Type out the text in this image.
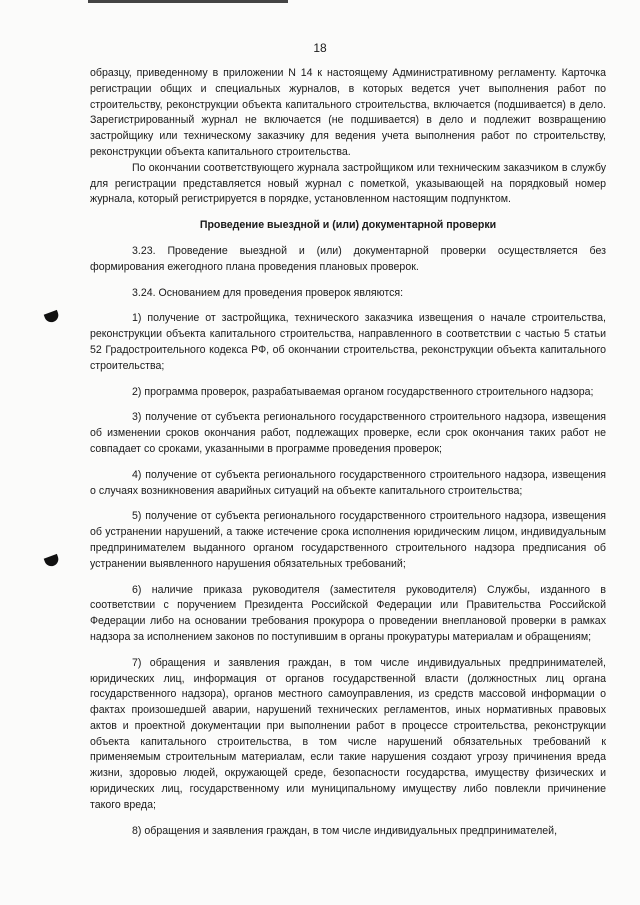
18

образцу, приведенному в приложении N 14 к настоящему Административному регламенту. Карточка регистрации общих и специальных журналов, в которых ведется учет выполнения работ по строительству, реконструкции объекта капитального строительства, включается (подшивается) в дело. Зарегистрированный журнал не включается (не подшивается) в дело и подлежит возвращению застройщику или техническому заказчику для ведения учета выполнения работ по строительству, реконструкции объекта капитального строительства.

По окончании соответствующего журнала застройщиком или техническим заказчиком в службу для регистрации представляется новый журнал с пометкой, указывающей на порядковый номер журнала, который регистрируется в порядке, установленном настоящим подпунктом.

Проведение выездной и (или) документарной проверки

3.23. Проведение выездной и (или) документарной проверки осуществляется без формирования ежегодного плана проведения плановых проверок.

3.24. Основанием для проведения проверок являются:

1) получение от застройщика, технического заказчика извещения о начале строительства, реконструкции объекта капитального строительства, направленного в соответствии с частью 5 статьи 52 Градостроительного кодекса РФ, об окончании строительства, реконструкции объекта капитального строительства;

2) программа проверок, разрабатываемая органом государственного строительного надзора;

3) получение от субъекта регионального государственного строительного надзора, извещения об изменении сроков окончания работ, подлежащих проверке, если срок окончания таких работ не совпадает со сроками, указанными в программе проведения проверок;

4) получение от субъекта регионального государственного строительного надзора, извещения о случаях возникновения аварийных ситуаций на объекте капитального строительства;

5) получение от субъекта регионального государственного строительного надзора, извещения об устранении нарушений, а также истечение срока исполнения юридическим лицом, индивидуальным предпринимателем выданного органом государственного строительного надзора предписания об устранении выявленного нарушения обязательных требований;

6) наличие приказа руководителя (заместителя руководителя) Службы, изданного в соответствии с поручением Президента Российской Федерации или Правительства Российской Федерации либо на основании требования прокурора о проведении внеплановой проверки в рамках надзора за исполнением законов по поступившим в органы прокуратуры материалам и обращениям;

7) обращения и заявления граждан, в том числе индивидуальных предпринимателей, юридических лиц, информация от органов государственной власти (должностных лиц органа государственного надзора), органов местного самоуправления, из средств массовой информации о фактах произошедшей аварии, нарушений технических регламентов, иных нормативных правовых актов и проектной документации при выполнении работ в процессе строительства, реконструкции объекта капитального строительства, в том числе нарушений обязательных требований к применяемым строительным материалам, если такие нарушения создают угрозу причинения вреда жизни, здоровью людей, окружающей среде, безопасности государства, имуществу физических и юридических лиц, государственному или муниципальному имуществу либо повлекли причинение такого вреда;

8) обращения и заявления граждан, в том числе индивидуальных предпринимателей,
